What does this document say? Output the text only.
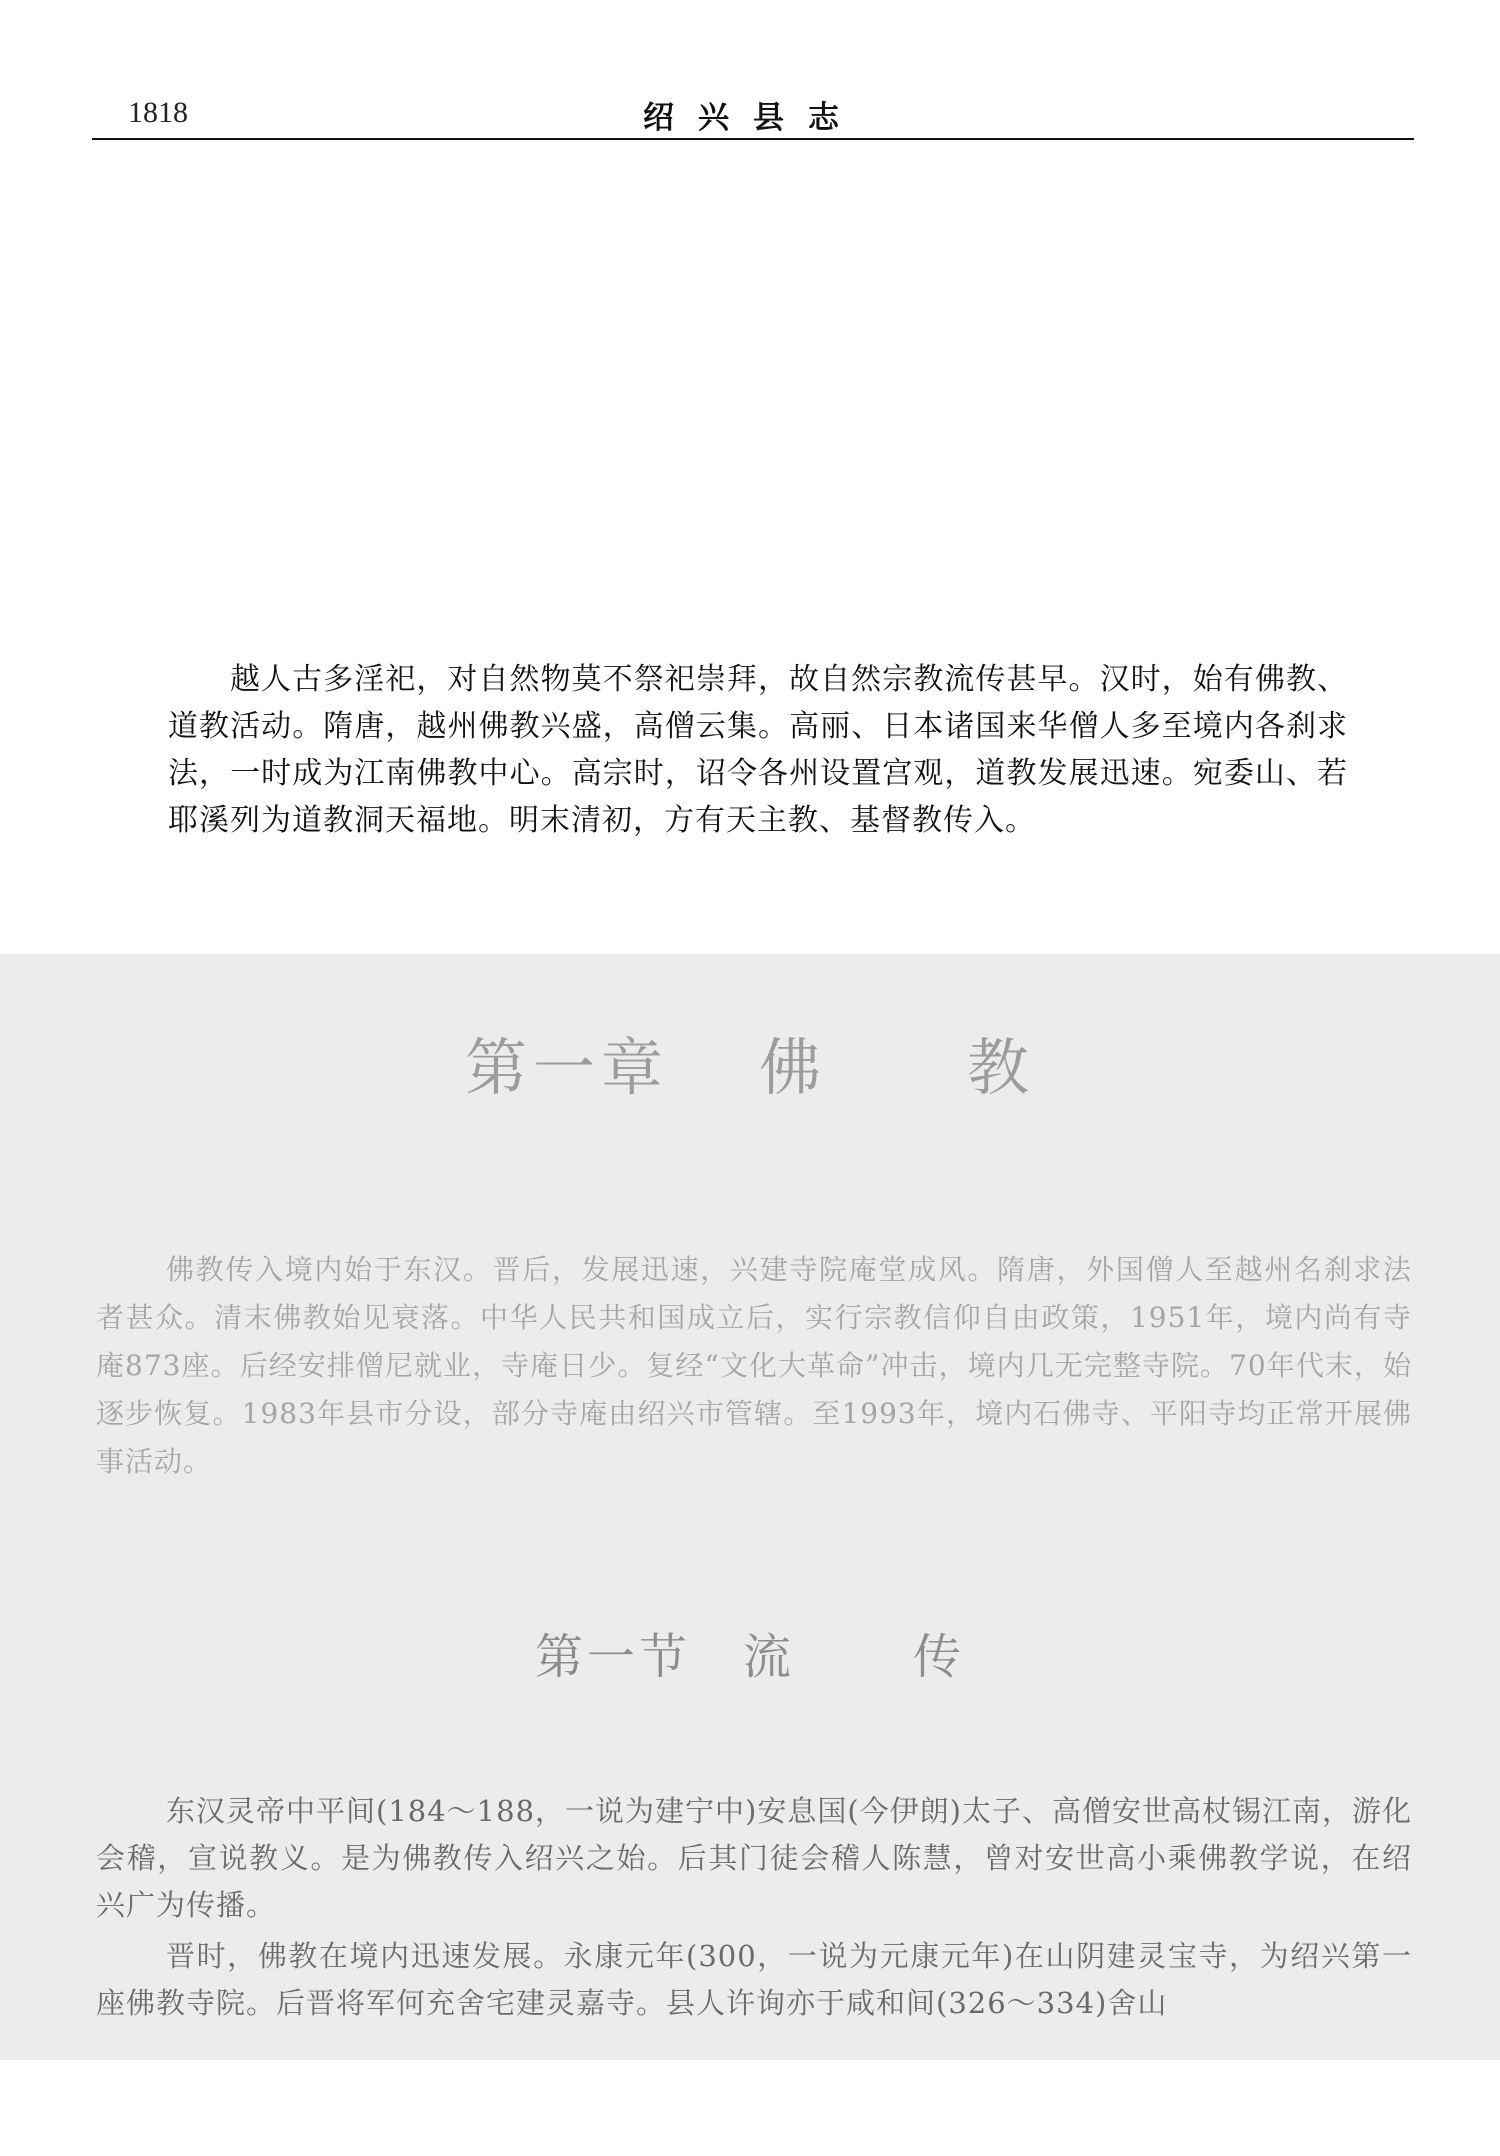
1818	绍兴县志

越人古多淫祀，对自然物莫不祭祀崇拜，故自然宗教流传甚早。汉时，始有佛教、道教活动。隋唐，越州佛教兴盛，高僧云集。高丽、日本诸国来华僧人多至境内各刹求法，一时成为江南佛教中心。高宗时，诏令各州设置宫观，道教发展迅速。宛委山、若耶溪列为道教洞天福地。明末清初，方有天主教、基督教传入。

第一章 佛 教

佛教传入境内始于东汉。晋后，发展迅速，兴建寺院庵堂成风。隋唐，外国僧人至越州名刹求法者甚众。清末佛教始见衰落。中华人民共和国成立后，实行宗教信仰自由政策，1951年，境内尚有寺庵873座。后经安排僧尼就业，寺庵日少。复经“文化大革命”冲击，境内几无完整寺院。70年代末，始逐步恢复。1983年县市分设，部分寺庵由绍兴市管辖。至1993年，境内石佛寺、平阳寺均正常开展佛事活动。

第一节 流 传

东汉灵帝中平间(184～188，一说为建宁中)安息国(今伊朗)太子、高僧安世高杖锡江南，游化会稽，宣说教义。是为佛教传入绍兴之始。后其门徒会稽人陈慧，曾对安世高小乘佛教学说，在绍兴广为传播。

晋时，佛教在境内迅速发展。永康元年(300，一说为元康元年)在山阴建灵宝寺，为绍兴第一座佛教寺院。后晋将军何充舍宅建灵嘉寺。县人许询亦于咸和间(326～334)舍山
